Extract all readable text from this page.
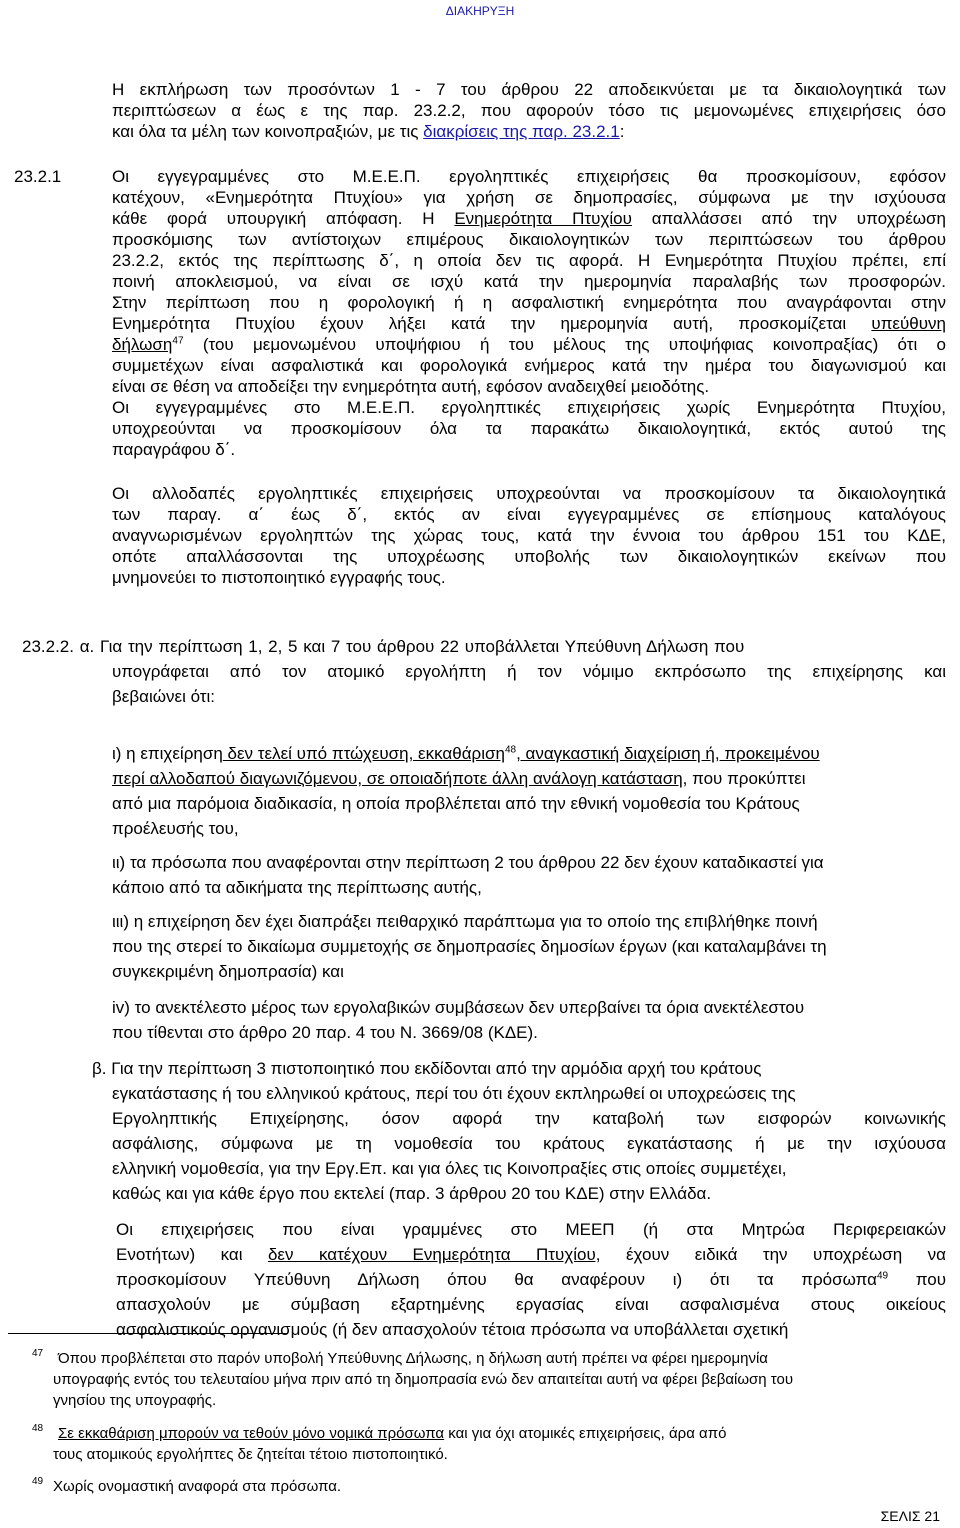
ΔΙΑΚΗΡΥΞΗ
Η εκπλήρωση των προσόντων 1 - 7 του άρθρου 22 αποδεικνύεται με τα δικαιολογητικά των
περιπτώσεων α έως ε της παρ. 23.2.2, που αφορούν τόσο τις μεμονωμένες επιχειρήσεις όσο
και όλα τα μέλη των κοινοπραξιών, με τις διακρίσεις της παρ. 23.2.1:
23.2.1	Οι εγγεγραμμένες στο Μ.Ε.Ε.Π. εργοληπτικές επιχειρήσεις θα προσκομίσουν, εφόσον
κατέχουν, «Ενημερότητα Πτυχίου» για χρήση σε δημοπρασίες, σύμφωνα με την ισχύουσα
κάθε φορά υπουργική απόφαση. Η Ενημερότητα Πτυχίου απαλλάσσει από την υποχρέωση
προσκόμισης των αντίστοιχων επιμέρους δικαιολογητικών των περιπτώσεων του άρθρου
23.2.2, εκτός της περίπτωσης δ΄, η οποία δεν τις αφορά. Η Ενημερότητα Πτυχίου πρέπει, επί
ποινή αποκλεισμού, να είναι σε ισχύ κατά την ημερομηνία παραλαβής των προσφορών.
Στην περίπτωση που η φορολογική ή η ασφαλιστική ενημερότητα που αναγράφονται στην
Ενημερότητα Πτυχίου έχουν λήξει κατά την ημερομηνία αυτή, προσκομίζεται υπεύθυνη
δήλωση$^{47}$ (του μεμονωμένου υποψήφιου ή του μέλους της υποψήφιας κοινοπραξίας) ότι ο
συμμετέχων είναι ασφαλιστικά και φορολογικά ενήμερος κατά την ημέρα του διαγωνισμού και
είναι σε θέση να αποδείξει την ενημερότητα αυτή, εφόσον αναδειχθεί μειοδότης.
Οι εγγεγραμμένες στο Μ.Ε.Ε.Π. εργοληπτικές επιχειρήσεις χωρίς Ενημερότητα Πτυχίου,
υποχρεούνται να προσκομίσουν όλα τα παρακάτω δικαιολογητικά, εκτός αυτού της
παραγράφου δ΄.
Οι αλλοδαπές εργοληπτικές επιχειρήσεις υποχρεούνται να προσκομίσουν τα δικαιολογητικά
των παραγ. α΄ έως δ΄, εκτός αν είναι εγγεγραμμένες σε επίσημους καταλόγους
αναγνωρισμένων εργοληπτών της χώρας τους, κατά την έννοια του άρθρου 151 του ΚΔΕ,
οπότε απαλλάσσονται της υποχρέωσης υποβολής των δικαιολογητικών εκείνων που
μνημονεύει το πιστοποιητικό εγγραφής τους.
23.2.2. α. Για την περίπτωση 1, 2, 5 και 7 του άρθρου 22 υποβάλλεται Υπεύθυνη Δήλωση που
υπογράφεται από τον ατομικό εργολήπτη ή τον νόμιμο εκπρόσωπο της επιχείρησης και
βεβαιώνει ότι:
ι) η επιχείρηση δεν τελεί υπό πτώχευση, εκκαθάριση$^{48}$, αναγκαστική διαχείριση ή, προκειμένου
περί αλλοδαπού διαγωνιζόμενου, σε οποιαδήποτε άλλη ανάλογη κατάσταση, που προκύπτει
από μια παρόμοια διαδικασία, η οποία προβλέπεται από την εθνική νομοθεσία του Κράτους
προέλευσής του,
ιι) τα πρόσωπα που αναφέρονται στην περίπτωση 2 του άρθρου 22 δεν έχουν καταδικαστεί για
κάποιο από τα αδικήματα της περίπτωσης αυτής,
ιιι) η επιχείρηση δεν έχει διαπράξει πειθαρχικό παράπτωμα για το οποίο της επιβλήθηκε ποινή
που της στερεί το δικαίωμα συμμετοχής σε δημοπρασίες δημοσίων έργων (και καταλαμβάνει τη
συγκεκριμένη δημοπρασία) και
iv) το ανεκτέλεστο μέρος των εργολαβικών συμβάσεων δεν υπερβαίνει τα όρια ανεκτέλεστου
που τίθενται στο άρθρο 20 παρ. 4 του Ν. 3669/08 (ΚΔΕ).
β. Για την περίπτωση 3 πιστοποιητικό που εκδίδονται από την αρμόδια αρχή του κράτους
εγκατάστασης ή του ελληνικού κράτους, περί του ότι έχουν εκπληρωθεί οι υποχρεώσεις της
Εργοληπτικής Επιχείρησης, όσον αφορά την καταβολή των εισφορών κοινωνικής
ασφάλισης, σύμφωνα με τη νομοθεσία του κράτους εγκατάστασης ή με την ισχύουσα
ελληνική νομοθεσία, για την Εργ.Επ. και για όλες τις Κοινοπραξίες στις οποίες συμμετέχει,
καθώς και για κάθε έργο που εκτελεί (παρ. 3 άρθρου 20 του ΚΔΕ) στην Ελλάδα.
Οι επιχειρήσεις που είναι γραμμένες στο ΜΕΕΠ (ή στα Μητρώα Περιφερειακών
Ενοτήτων) και δεν κατέχουν Ενημερότητα Πτυχίου, έχουν ειδικά την υποχρέωση να
προσκομίσουν Υπεύθυνη Δήλωση όπου θα αναφέρουν ι) ότι τα πρόσωπα$^{49}$ που
απασχολούν με σύμβαση εξαρτημένης εργασίας είναι ασφαλισμένα στους οικείους
ασφαλιστικούς οργανισμούς (ή δεν απασχολούν τέτοια πρόσωπα να υποβάλλεται σχετική
47 Όπου προβλέπεται στο παρόν υποβολή Υπεύθυνης Δήλωσης, η δήλωση αυτή πρέπει να φέρει ημερομηνία
υπογραφής εντός του τελευταίου μήνα πριν από τη δημοπρασία ενώ δεν απαιτείται αυτή να φέρει βεβαίωση του
γνησίου της υπογραφής.
48 Σε εκκαθάριση μπορούν να τεθούν μόνο νομικά πρόσωπα και για όχι ατομικές επιχειρήσεις, άρα από
τους ατομικούς εργολήπτες δε ζητείται τέτοιο πιστοποιητικό.
49 Χωρίς ονομαστική αναφορά στα πρόσωπα.
ΣΕΛΙΣ 21
